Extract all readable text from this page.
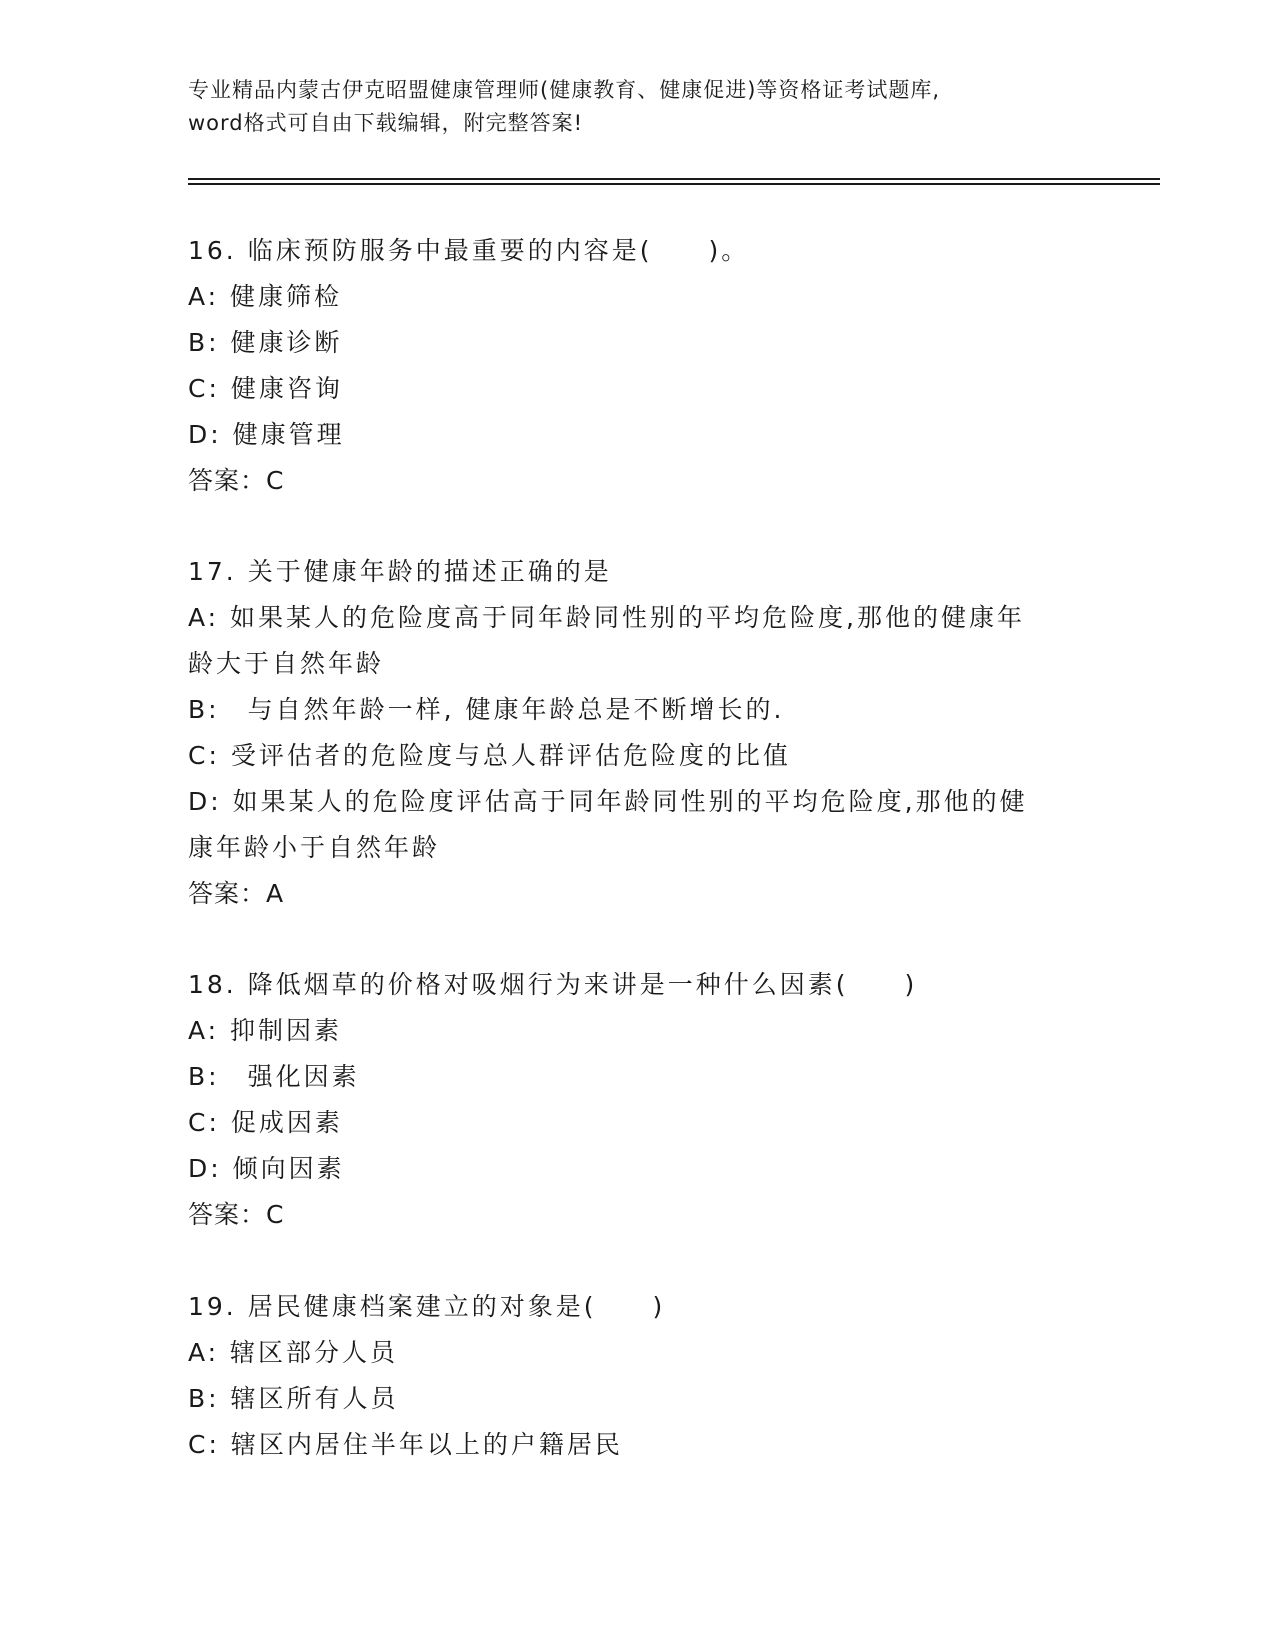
专业精品内蒙古伊克昭盟健康管理师(健康教育、健康促进)等资格证考试题库,
word格式可自由下载编辑，附完整答案!
16. 临床预防服务中最重要的内容是(　　)。
A: 健康筛检
B: 健康诊断
C: 健康咨询
D: 健康管理
答案：C
17. 关于健康年龄的描述正确的是
A: 如果某人的危险度高于同年龄同性别的平均危险度,那他的健康年
龄大于自然年龄
B:　与自然年龄一样, 健康年龄总是不断增长的.
C: 受评估者的危险度与总人群评估危险度的比值
D: 如果某人的危险度评估高于同年龄同性别的平均危险度,那他的健
康年龄小于自然年龄
答案：A
18. 降低烟草的价格对吸烟行为来讲是一种什么因素(　　)
A: 抑制因素
B:　强化因素
C: 促成因素
D: 倾向因素
答案：C
19. 居民健康档案建立的对象是(　　)
A: 辖区部分人员
B: 辖区所有人员
C: 辖区内居住半年以上的户籍居民
